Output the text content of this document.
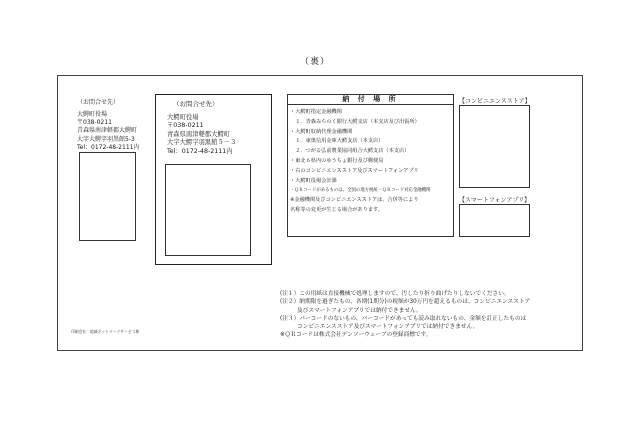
（裏）
（お問合せ先）
大鰐町役場
〒038-0211
青森県南津軽郡大鰐町
大字大鰐字羽黒館5-3
Tel：0172-48-2111内
（お問合せ先）
大鰐町役場
〒038-0211
青森県南津軽郡大鰐町
大字大鰐字羽黒館５－３
Tel：0172-48-2111内
納 付 場 所
・大鰐町指定金融機関
　１．青森みちのく銀行大鰐支店（本支店及び出張所）
・大鰐町収納代理金融機関
　１．東奥信用金庫大鰐支店（本支店）
　２．つがる弘前農業協同組合大鰐支店（本支店）
・東北６県内のゆうちょ銀行及び郵便局
・右のコンビニエンスストア及びスマートフォンアプリ
・大鰐町役場会計課
・ＱＲコードがあるものは、全国の地方税統一ＱＲコード対応金融機関
※金融機関及びコンビニエンスストアは、合併等により
名称等の変更が生じる場合があります。
【コンビニエンスストア】
【スマートフォンアプリ】
(注１）この用紙は直接機械で処理しますので、汚したり折り曲げたりしないでください。
(注２）納期限を過ぎたもの、各期(1期分)の税額が30万円を超えるものは、コンビニエンスストア
　　　及びスマートフォンアプリでは納付できません。
(注３）バーコードのないもの、バーコードがあっても読み取れないもの、金額を訂正したものは
　　　コンビニエンスストア及びスマートフォンアプリでは納付できません。
※ＱＲコードは株式会社デンソーウェーブの登録商標です。
印刷会社：地域ネットワークサービス株
